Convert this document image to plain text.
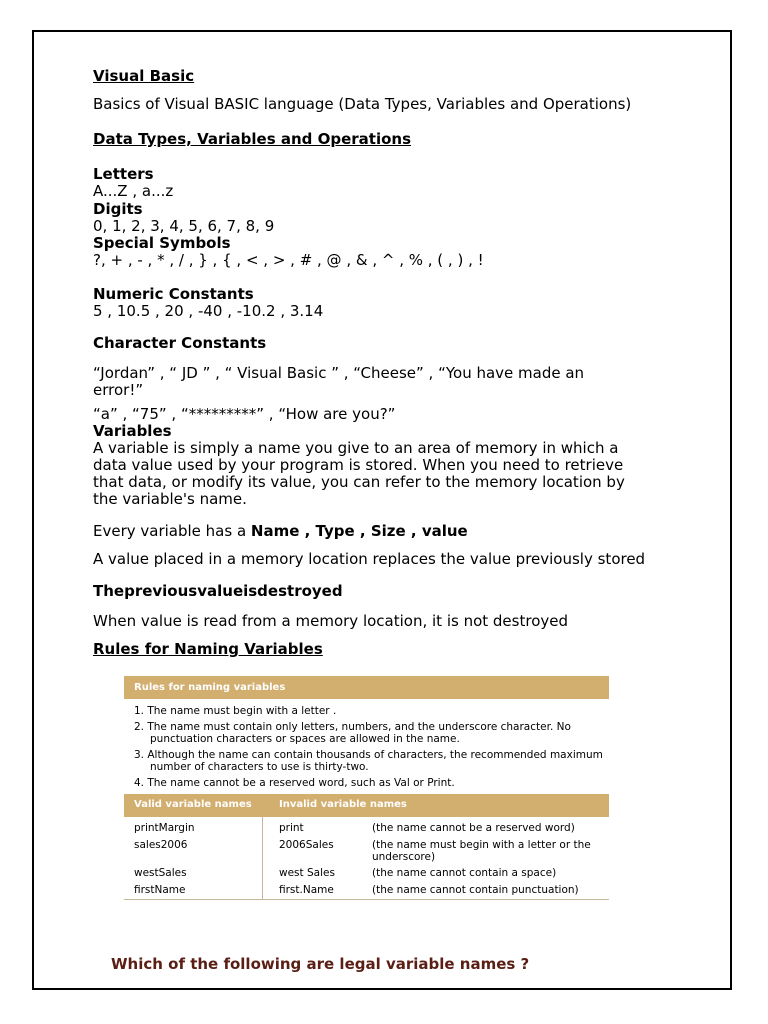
Visual Basic

Basics of Visual BASIC language (Data Types, Variables and Operations)

Data Types, Variables and Operations

Letters

A...Z , a...z

Digits

0, 1, 2, 3, 4, 5, 6, 7, 8, 9

Special Symbols

?, + , - , * , / , } , { , < , > , # , @ , & , ^ , % , ( , ) , !

Numeric Constants

5 , 10.5 , 20 , -40 , -10.2 , 3.14

Character Constants

“Jordan” , “ JD ” , “ Visual Basic ” , “Cheese” , “You have made an error!”

“a” , “75” , “*********” , “How are you?”

Variables

A variable is simply a name you give to an area of memory in which a data value used by your program is stored. When you need to retrieve that data, or modify its value, you can refer to the memory location by the variable's name.

Every variable has a Name , Type , Size , value

A value placed in a memory location replaces the value previously stored

Thepreviousvalueisdestroyed

When value is read from a memory location, it is not destroyed

Rules for Naming Variables

Rules for naming variables
1. The name must begin with a letter .
2. The name must contain only letters, numbers, and the underscore character. No punctuation characters or spaces are allowed in the name.
3. Although the name can contain thousands of characters, the recommended maximum number of characters to use is thirty-two.
4. The name cannot be a reserved word, such as Val or Print.
Valid variable names	Invalid variable names
printMargin	print	(the name cannot be a reserved word)
sales2006	2006Sales	(the name must begin with a letter or the underscore)
westSales	west Sales	(the name cannot contain a space)
firstName	first.Name	(the name cannot contain punctuation)
Which of the following are legal variable names ?
